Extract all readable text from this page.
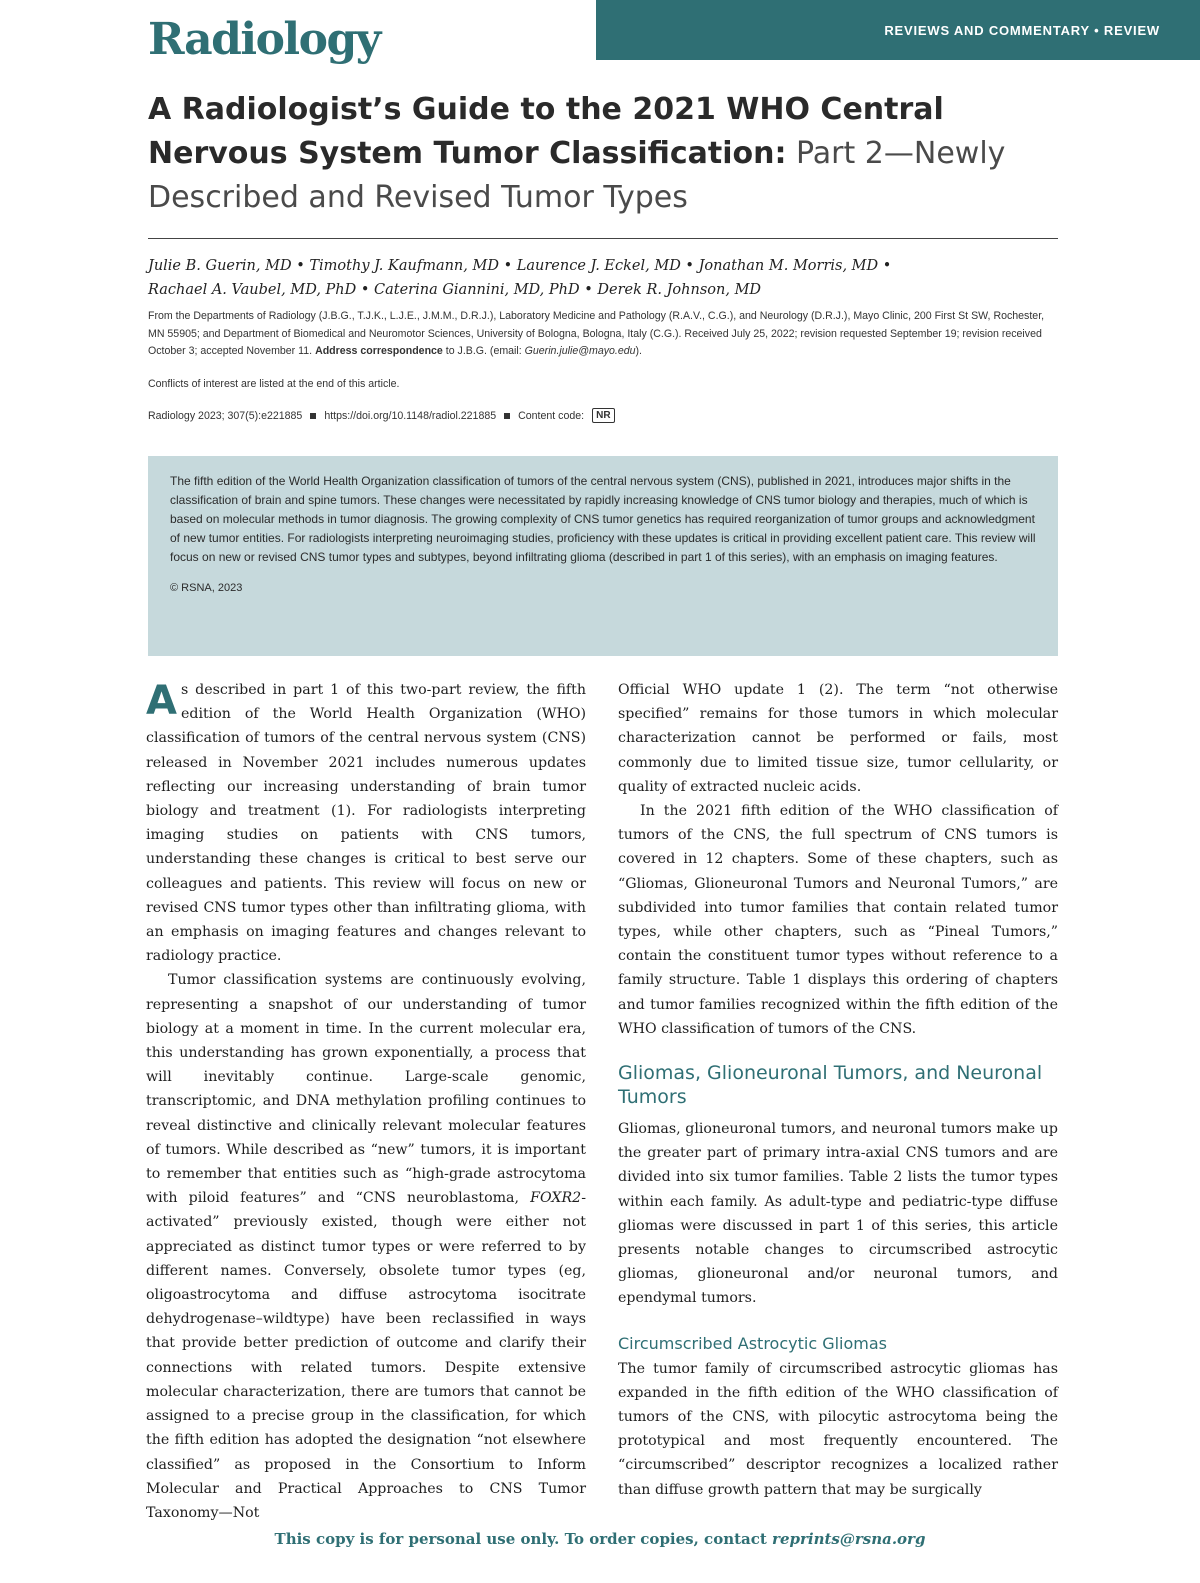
Radiology	REVIEWS AND COMMENTARY • REVIEW
A Radiologist’s Guide to the 2021 WHO Central Nervous System Tumor Classification: Part 2—Newly Described and Revised Tumor Types
Julie B. Guerin, MD • Timothy J. Kaufmann, MD • Laurence J. Eckel, MD • Jonathan M. Morris, MD •
Rachael A. Vaubel, MD, PhD • Caterina Giannini, MD, PhD • Derek R. Johnson, MD
From the Departments of Radiology (J.B.G., T.J.K., L.J.E., J.M.M., D.R.J.), Laboratory Medicine and Pathology (R.A.V., C.G.), and Neurology (D.R.J.), Mayo Clinic, 200 First St SW, Rochester, MN 55905; and Department of Biomedical and Neuromotor Sciences, University of Bologna, Bologna, Italy (C.G.). Received July 25, 2022; revision requested September 19; revision received October 3; accepted November 11. Address correspondence to J.B.G. (email: Guerin.julie@mayo.edu).
Conflicts of interest are listed at the end of this article.
Radiology 2023; 307(5):e221885 https://doi.org/10.1148/radiol.221885 Content code:	NR
The fifth edition of the World Health Organization classification of tumors of the central nervous system (CNS), published in 2021, introduces major shifts in the classification of brain and spine tumors. These changes were necessitated by rapidly increasing knowledge of CNS tumor biology and therapies, much of which is based on molecular methods in tumor diagnosis. The growing complexity of CNS tumor genetics has required reorganization of tumor groups and acknowledgment of new tumor entities. For radiologists interpreting neuroimaging studies, proficiency with these updates is critical in providing excellent patient care. This review will focus on new or revised CNS tumor types and subtypes, beyond infiltrating glioma (described in part 1 of this series), with an emphasis on imaging features.
© RSNA, 2023

As described in part 1 of this two-part review, the fifth edition of the World Health Organization (WHO) classification of tumors of the central nervous system (CNS) released in November 2021 includes numerous updates reflecting our increasing understanding of brain tumor biology and treatment (1). For radiologists interpreting imaging studies on patients with CNS tumors, understanding these changes is critical to best serve our colleagues and patients. This review will focus on new or revised CNS tumor types other than infiltrating glioma, with an emphasis on imaging features and changes relevant to radiology practice.

Tumor classification systems are continuously evolving, representing a snapshot of our understanding of tumor biology at a moment in time. In the current molecular era, this understanding has grown exponentially, a process that will inevitably continue. Large-scale genomic, transcriptomic, and DNA methylation profiling continues to reveal distinctive and clinically relevant molecular features of tumors. While described as “new” tumors, it is important to remember that entities such as “high-grade astrocytoma with piloid features” and “CNS neuroblastoma, FOXR2-activated” previously existed, though were either not appreciated as distinct tumor types or were referred to by different names. Conversely, obsolete tumor types (eg, oligoastrocytoma and diffuse astrocytoma isocitrate dehydrogenase–wildtype) have been reclassified in ways that provide better prediction of outcome and clarify their connections with related tumors. Despite extensive molecular characterization, there are tumors that cannot be assigned to a precise group in the classification, for which the fifth edition has adopted the designation “not elsewhere classified” as proposed in the Consortium to Inform Molecular and Practical Approaches to CNS Tumor Taxonomy—Not

Official WHO update 1 (2). The term “not otherwise specified” remains for those tumors in which molecular characterization cannot be performed or fails, most commonly due to limited tissue size, tumor cellularity, or quality of extracted nucleic acids.

In the 2021 fifth edition of the WHO classification of tumors of the CNS, the full spectrum of CNS tumors is covered in 12 chapters. Some of these chapters, such as “Gliomas, Glioneuronal Tumors and Neuronal Tumors,” are subdivided into tumor families that contain related tumor types, while other chapters, such as “Pineal Tumors,” contain the constituent tumor types without reference to a family structure. Table 1 displays this ordering of chapters and tumor families recognized within the fifth edition of the WHO classification of tumors of the CNS.

Gliomas, Glioneuronal Tumors, and Neuronal Tumors

Gliomas, glioneuronal tumors, and neuronal tumors make up the greater part of primary intra-axial CNS tumors and are divided into six tumor families. Table 2 lists the tumor types within each family. As adult-type and pediatric-type diffuse gliomas were discussed in part 1 of this series, this article presents notable changes to circumscribed astrocytic gliomas, glioneuronal and/or neuronal tumors, and ependymal tumors.

Circumscribed Astrocytic Gliomas

The tumor family of circumscribed astrocytic gliomas has expanded in the fifth edition of the WHO classification of tumors of the CNS, with pilocytic astrocytoma being the prototypical and most frequently encountered. The “circumscribed” descriptor recognizes a localized rather than diffuse growth pattern that may be surgically

This copy is for personal use only. To order copies, contact reprints@rsna.org
